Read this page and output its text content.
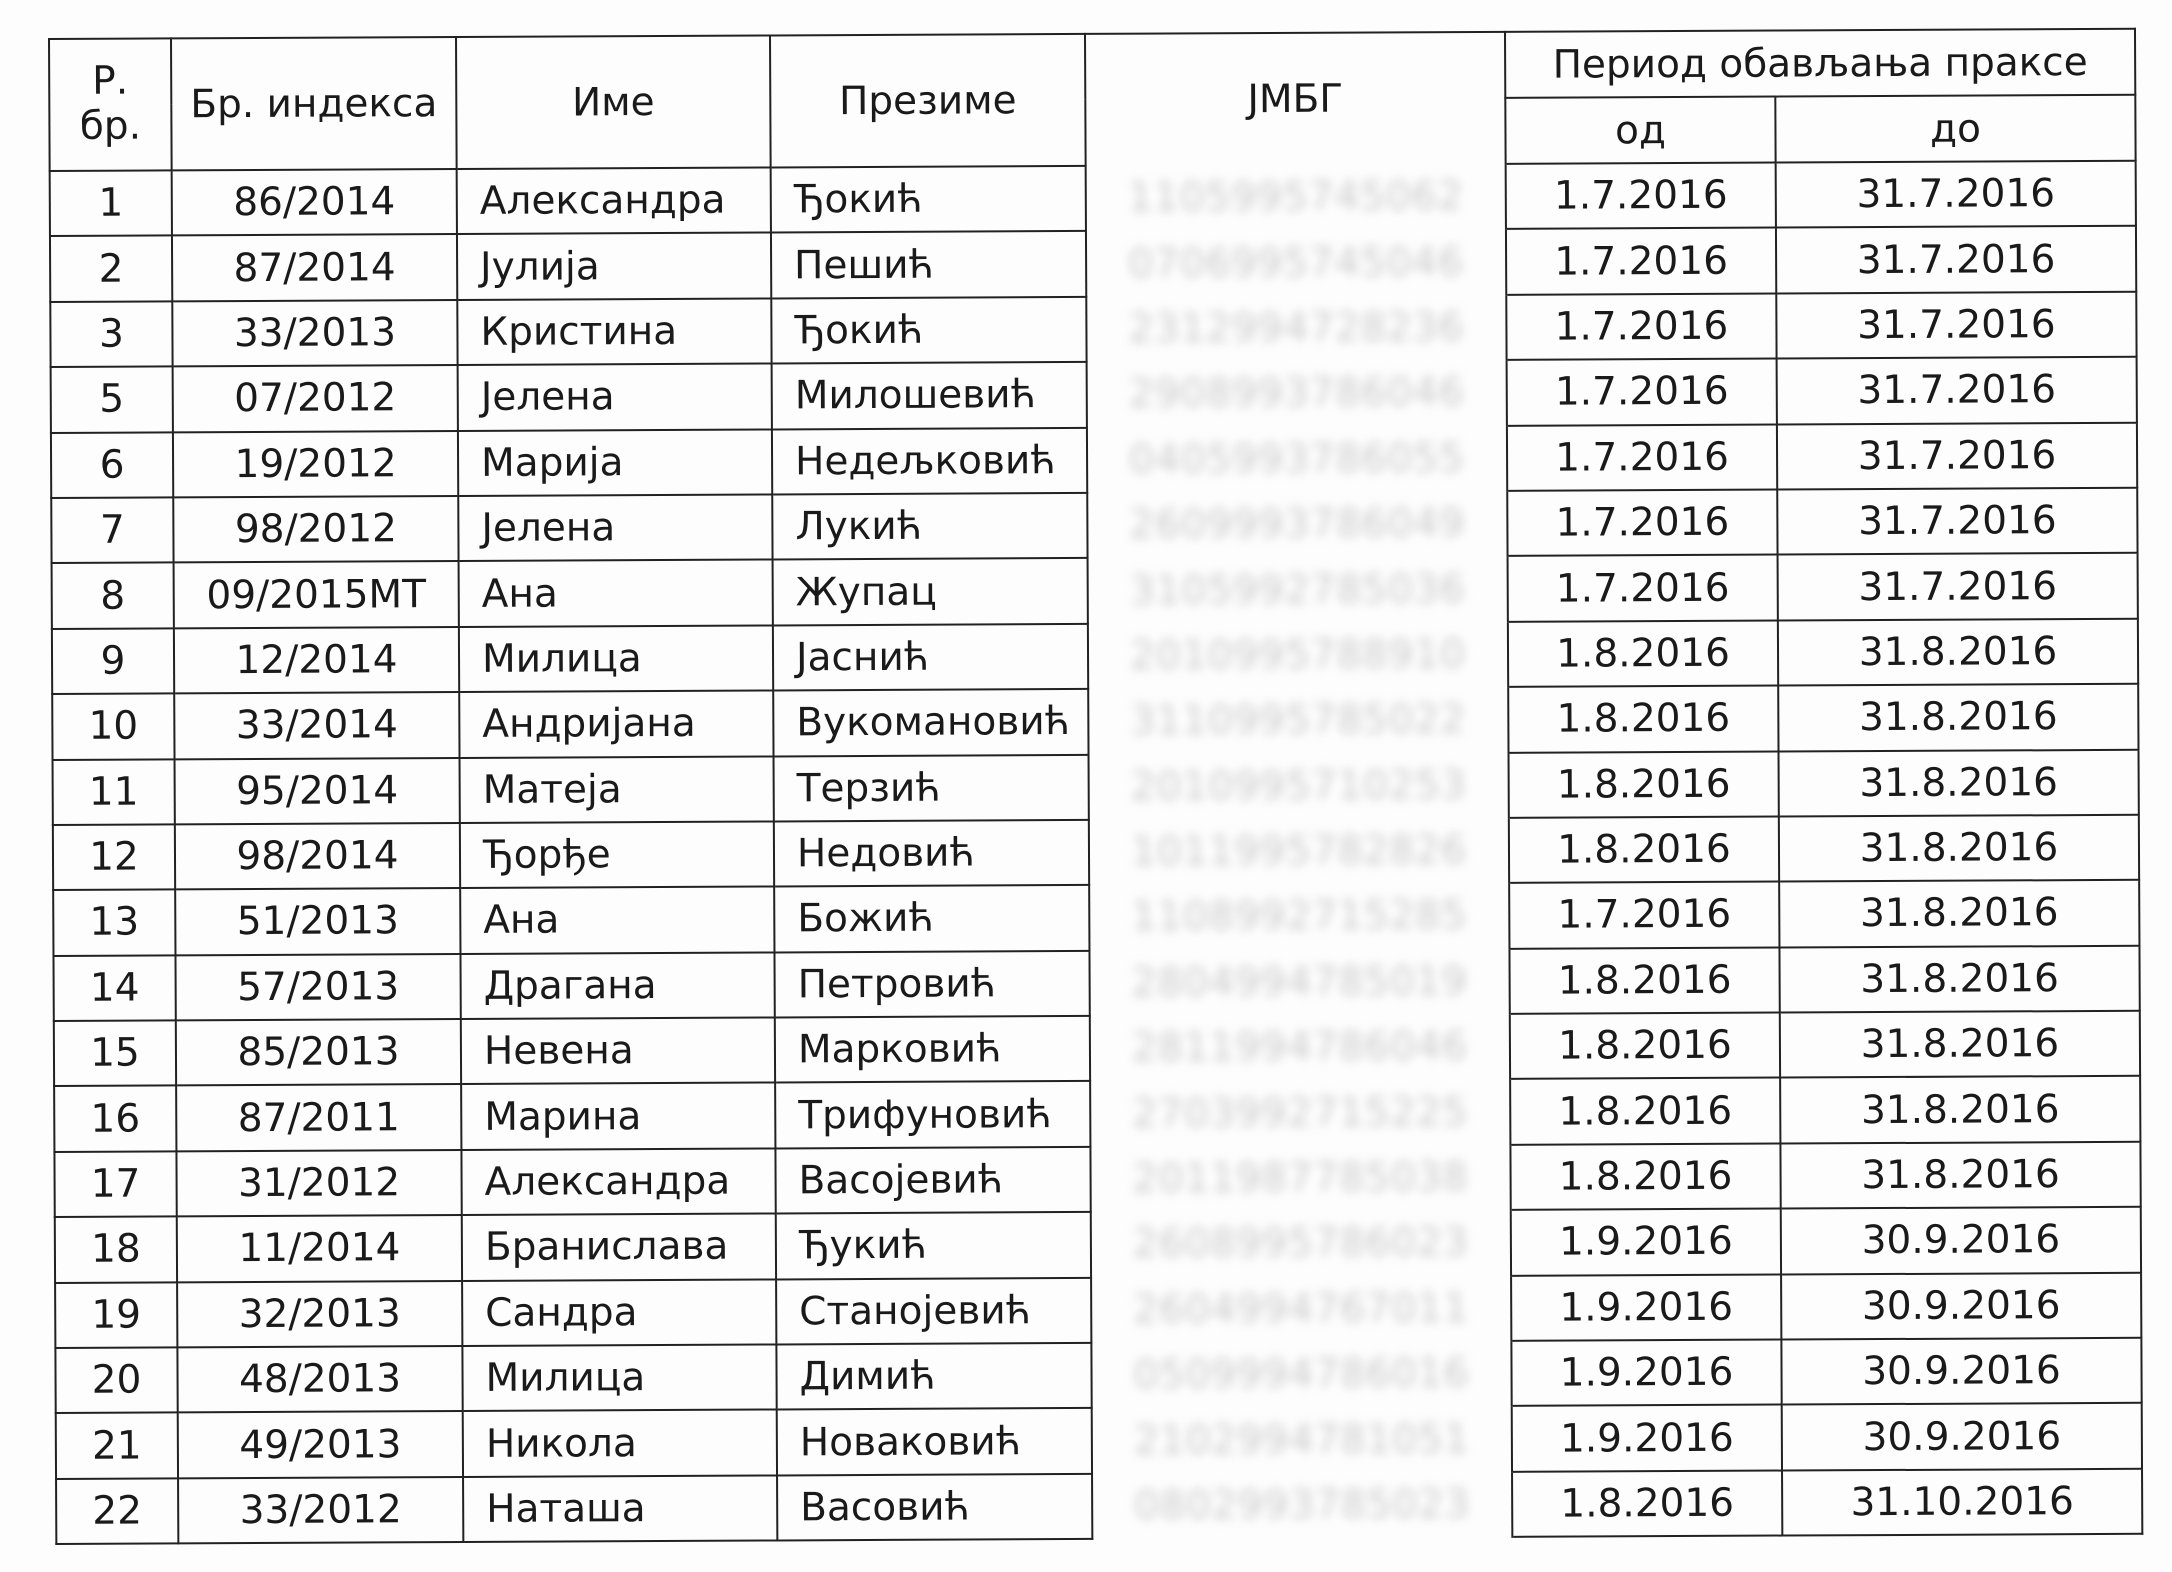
Р.
бр.	Бр. индекса	Име	Презиме	ЈМБГ	Период обављања праксе	
					од	до
1	86/2014	Александра	Ђокић	1105995745062	1.7.2016	31.7.2016
2	87/2014	Јулија	Пешић	0706995745046	1.7.2016	31.7.2016
3	33/2013	Кристина	Ђокић	2312994728236	1.7.2016	31.7.2016
5	07/2012	Јелена	Милошевић	2908993786046	1.7.2016	31.7.2016
6	19/2012	Марија	Недељковић	0405993786055	1.7.2016	31.7.2016
7	98/2012	Јелена	Лукић	2609993786049	1.7.2016	31.7.2016
8	09/2015МТ	Ана	Жупац	3105992785036	1.7.2016	31.7.2016
9	12/2014	Милица	Јаснић	2010995788910	1.8.2016	31.8.2016
10	33/2014	Андријана	Вукомановић	3110995785022	1.8.2016	31.8.2016
11	95/2014	Матеја	Терзић	2010995710253	1.8.2016	31.8.2016
12	98/2014	Ђорђе	Недовић	1011995782826	1.8.2016	31.8.2016
13	51/2013	Ана	Божић	1108992715285	1.7.2016	31.8.2016
14	57/2013	Драгана	Петровић	2804994785019	1.8.2016	31.8.2016
15	85/2013	Невена	Марковић	2811994786046	1.8.2016	31.8.2016
16	87/2011	Марина	Трифуновић	2703992715225	1.8.2016	31.8.2016
17	31/2012	Александра	Васојевић	2011987785038	1.8.2016	31.8.2016
18	11/2014	Бранислава	Ђукић	2608995786023	1.9.2016	30.9.2016
19	32/2013	Сандра	Станојевић	2604994767011	1.9.2016	30.9.2016
20	48/2013	Милица	Димић	0509994786016	1.9.2016	30.9.2016
21	49/2013	Никола	Новаковић	2102994781051	1.9.2016	30.9.2016
22	33/2012	Наташа	Васовић	0802993785023	1.8.2016	31.10.2016
